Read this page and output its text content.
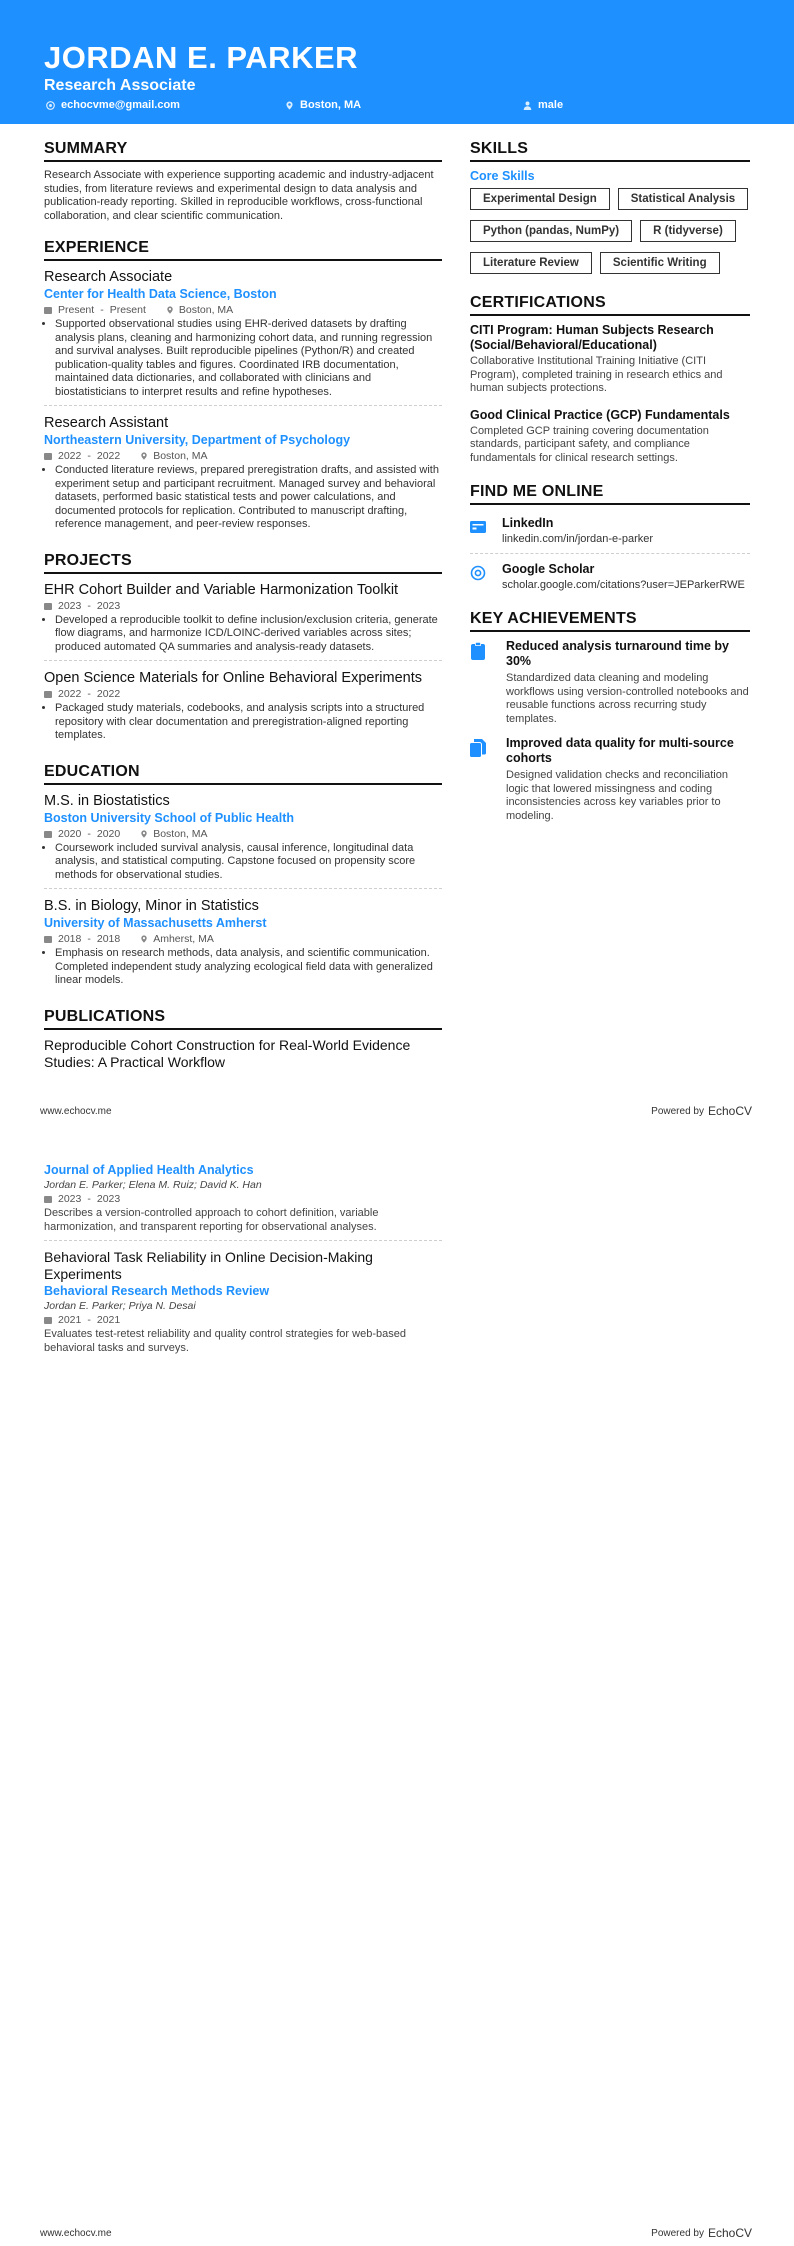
JORDAN E. PARKER
Research Associate
echocvme@gmail.com	Boston, MA	male
SUMMARY
Research Associate with experience supporting academic and industry-adjacent studies, from literature reviews and experimental design to data analysis and publication-ready reporting. Skilled in reproducible workflows, cross-functional collaboration, and clear scientific communication.
EXPERIENCE
Research Associate
Center for Health Data Science, Boston
Present - Present	Boston, MA
• Supported observational studies using EHR-derived datasets by drafting analysis plans, cleaning and harmonizing cohort data, and running regression and survival analyses. Built reproducible pipelines (Python/R) and created publication-quality tables and figures. Coordinated IRB documentation, maintained data dictionaries, and collaborated with clinicians and biostatisticians to interpret results and refine hypotheses.
Research Assistant
Northeastern University, Department of Psychology
2022 - 2022	Boston, MA
• Conducted literature reviews, prepared preregistration drafts, and assisted with experiment setup and participant recruitment. Managed survey and behavioral datasets, performed basic statistical tests and power calculations, and documented protocols for replication. Contributed to manuscript drafting, reference management, and peer-review responses.
PROJECTS
EHR Cohort Builder and Variable Harmonization Toolkit
2023 - 2023
• Developed a reproducible toolkit to define inclusion/exclusion criteria, generate flow diagrams, and harmonize ICD/LOINC-derived variables across sites; produced automated QA summaries and analysis-ready datasets.
Open Science Materials for Online Behavioral Experiments
2022 - 2022
• Packaged study materials, codebooks, and analysis scripts into a structured repository with clear documentation and preregistration-aligned reporting templates.
EDUCATION
M.S. in Biostatistics
Boston University School of Public Health
2020 - 2020	Boston, MA
• Coursework included survival analysis, causal inference, longitudinal data analysis, and statistical computing. Capstone focused on propensity score methods for observational studies.
B.S. in Biology, Minor in Statistics
University of Massachusetts Amherst
2018 - 2018	Amherst, MA
• Emphasis on research methods, data analysis, and scientific communication. Completed independent study analyzing ecological field data with generalized linear models.
PUBLICATIONS
Reproducible Cohort Construction for Real-World Evidence Studies: A Practical Workflow
SKILLS
Core Skills
Experimental Design	Statistical Analysis
Python (pandas, NumPy)	R (tidyverse)
Literature Review	Scientific Writing
CERTIFICATIONS
CITI Program: Human Subjects Research (Social/Behavioral/Educational)
Collaborative Institutional Training Initiative (CITI Program), completed training in research ethics and human subjects protections.
Good Clinical Practice (GCP) Fundamentals
Completed GCP training covering documentation standards, participant safety, and compliance fundamentals for clinical research settings.
FIND ME ONLINE
LinkedIn
linkedin.com/in/jordan-e-parker
Google Scholar
scholar.google.com/citations?user=JEParkerRWE
KEY ACHIEVEMENTS
Reduced analysis turnaround time by 30%
Standardized data cleaning and modeling workflows using version-controlled notebooks and reusable functions across recurring study templates.
Improved data quality for multi-source cohorts
Designed validation checks and reconciliation logic that lowered missingness and coding inconsistencies across key variables prior to modeling.
www.echocv.me	Powered by EchoCV
Journal of Applied Health Analytics
Jordan E. Parker; Elena M. Ruiz; David K. Han
2023 - 2023
Describes a version-controlled approach to cohort definition, variable harmonization, and transparent reporting for observational analyses.
Behavioral Task Reliability in Online Decision-Making Experiments
Behavioral Research Methods Review
Jordan E. Parker; Priya N. Desai
2021 - 2021
Evaluates test-retest reliability and quality control strategies for web-based behavioral tasks and surveys.
www.echocv.me	Powered by EchoCV
